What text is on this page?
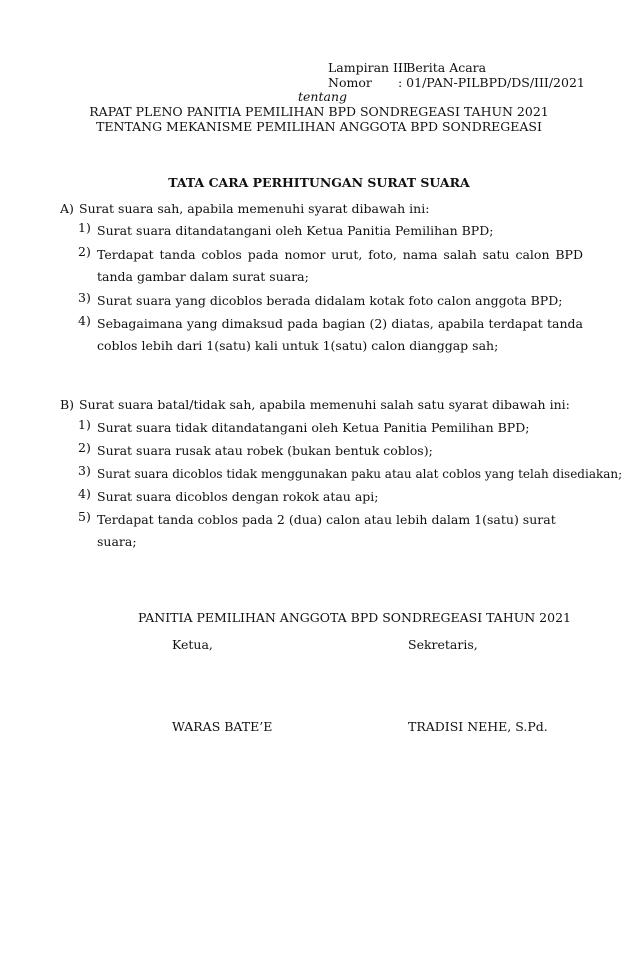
Lampiran III
: Berita Acara
Nomor : 01/PAN-PILBPD/DS/III/2021
tentang
RAPAT PLENO PANITIA PEMILIHAN BPD SONDREGEASI TAHUN 2021
TENTANG MEKANISME PEMILIHAN ANGGOTA BPD SONDREGEASI
TATA CARA PERHITUNGAN SURAT SUARA
A) Surat suara sah, apabila memenuhi syarat dibawah ini:
1) Surat suara ditandatangani oleh Ketua Panitia Pemilihan BPD;
2) Terdapat tanda coblos pada nomor urut, foto, nama salah satu calon BPD tanda gambar dalam surat suara;
3) Surat suara yang dicoblos berada didalam kotak foto calon anggota BPD;
4) Sebagaimana yang dimaksud pada bagian (2) diatas, apabila terdapat tanda coblos lebih dari 1(satu) kali untuk 1(satu) calon dianggap sah;
B) Surat suara batal/tidak sah, apabila memenuhi salah satu syarat dibawah ini:
1) Surat suara tidak ditandatangani oleh Ketua Panitia Pemilihan BPD;
2) Surat suara rusak atau robek (bukan bentuk coblos);
3) Surat suara dicoblos tidak menggunakan paku atau alat coblos yang telah disediakan;
4) Surat suara dicoblos dengan rokok atau api;
5) Terdapat tanda coblos pada 2 (dua) calon atau lebih dalam 1(satu) surat suara;
PANITIA PEMILIHAN ANGGOTA BPD SONDREGEASI TAHUN 2021
Ketua,	Sekretaris,
WARAS BATE’E	TRADISI NEHE, S.Pd.
